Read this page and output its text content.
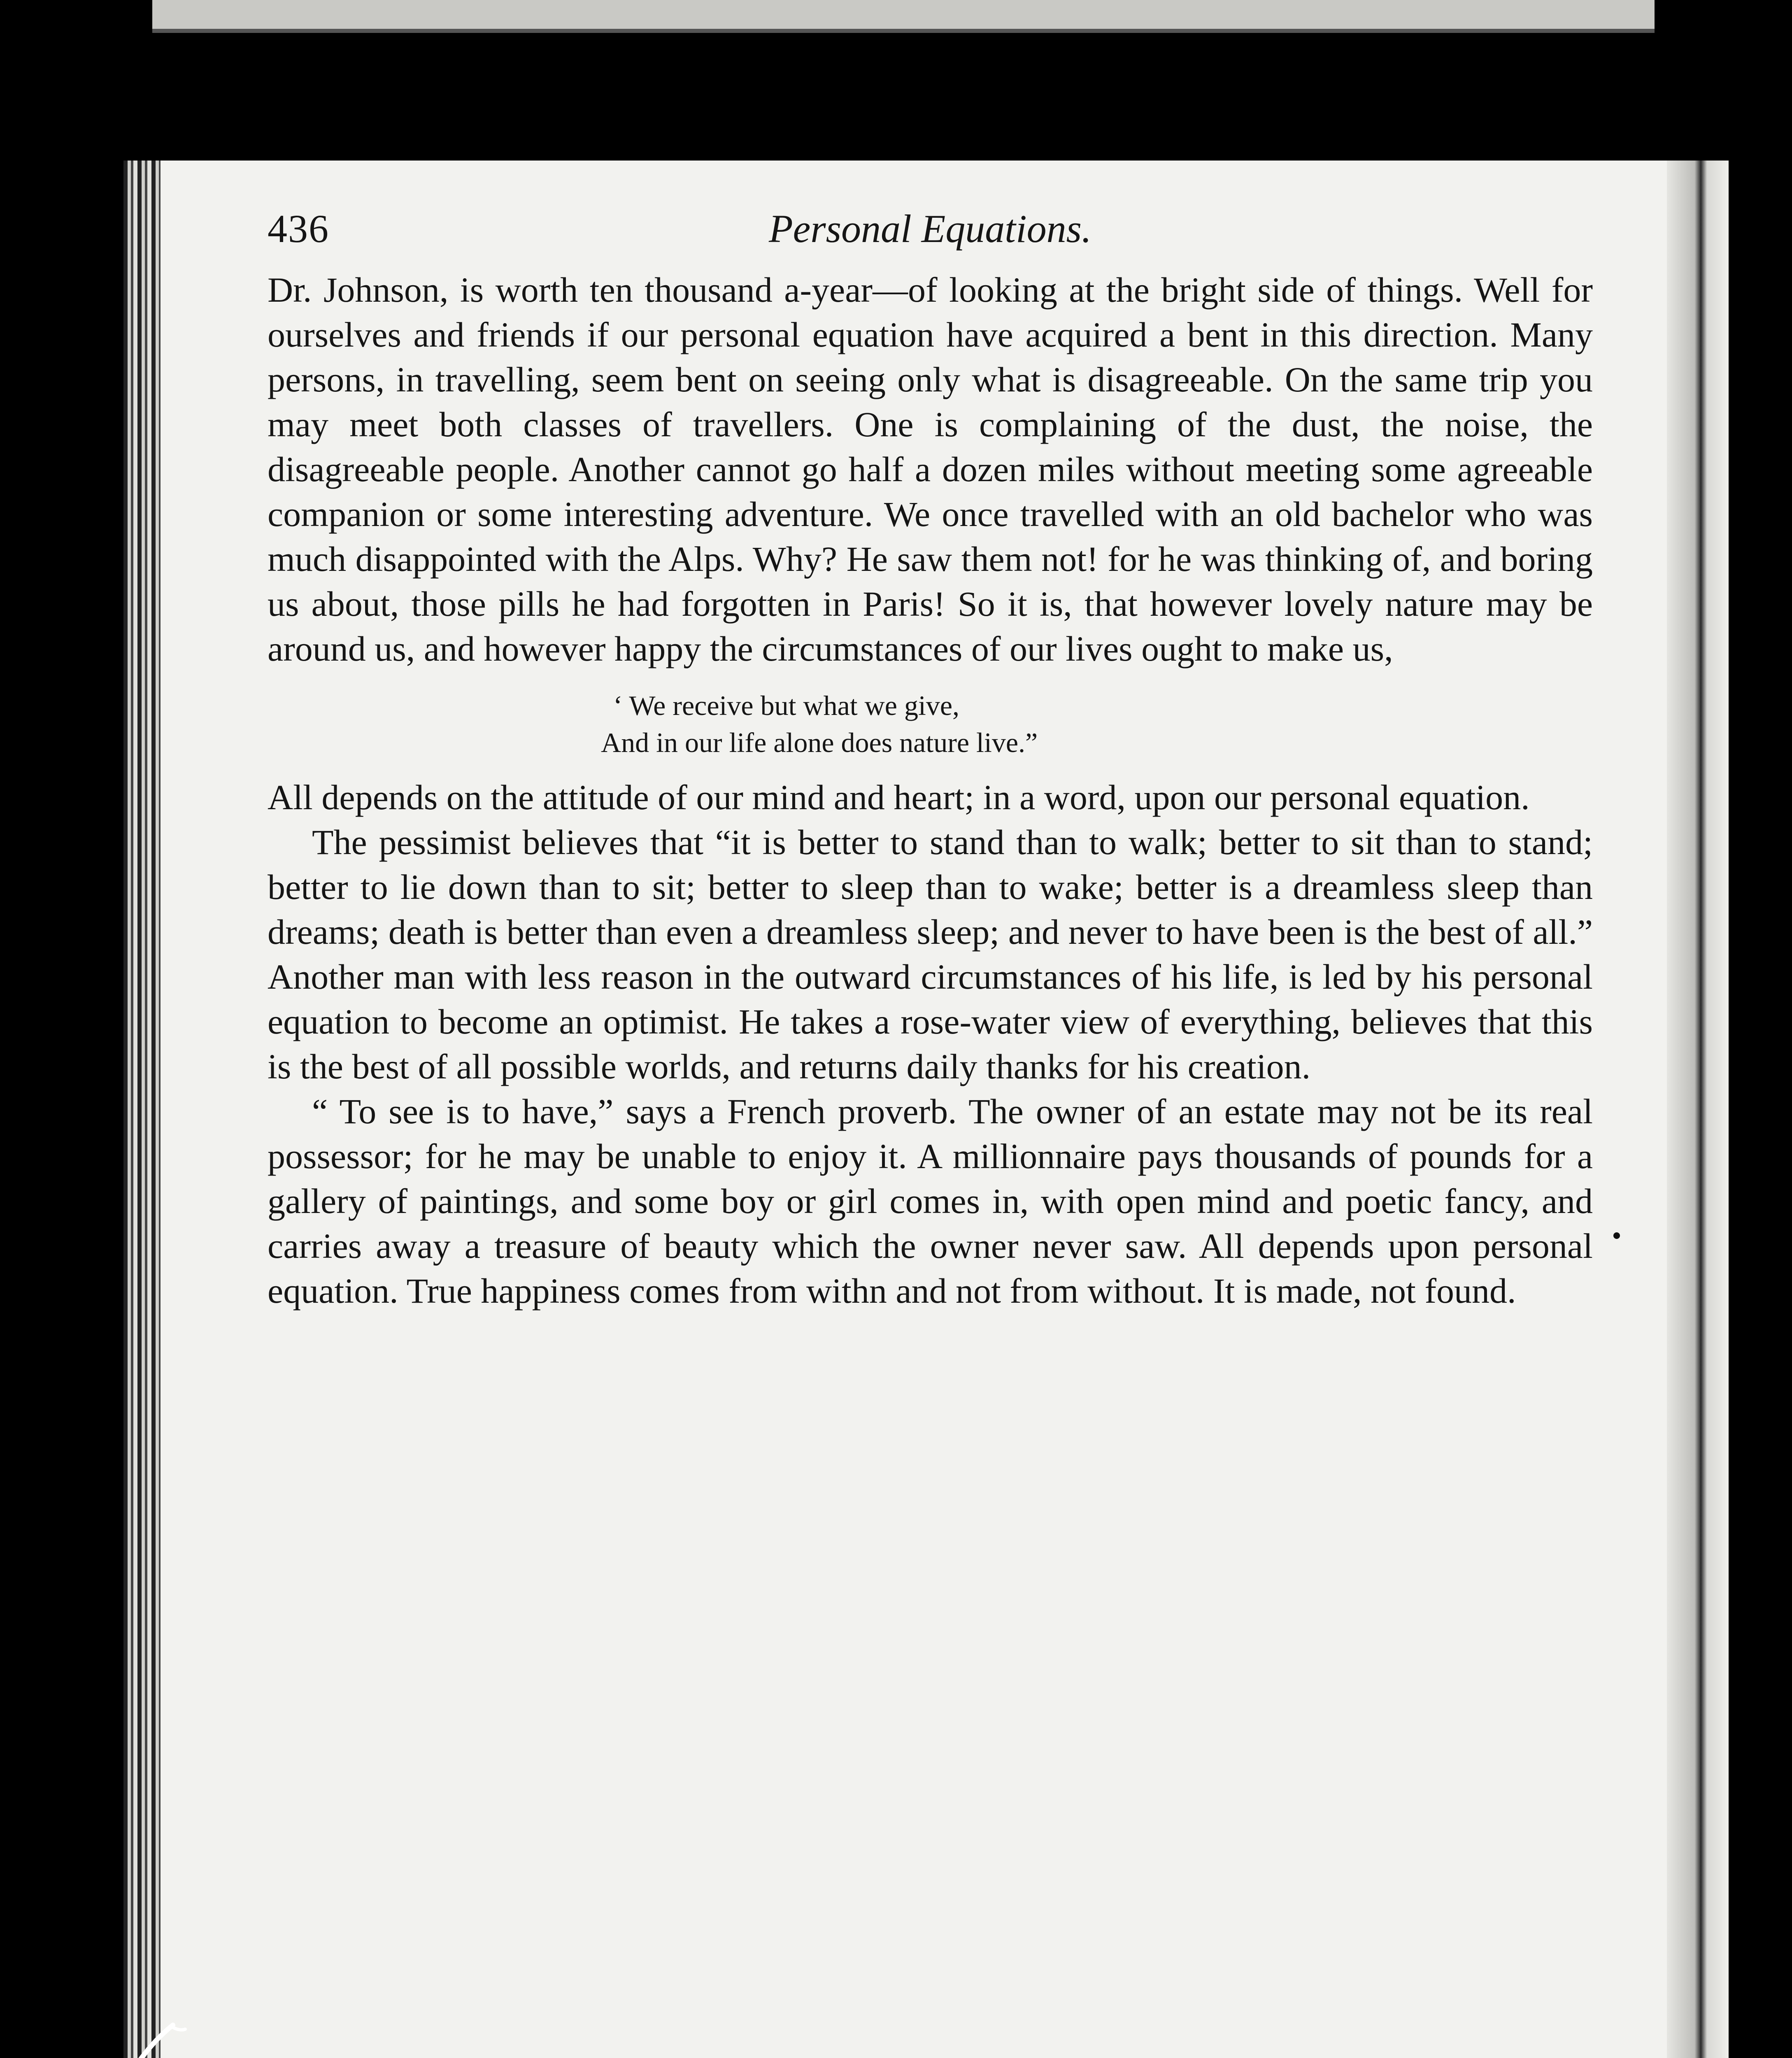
436	Personal Equations.

Dr. Johnson, is worth ten thousand a-year—of looking at the bright side of things. Well for ourselves and friends if our personal equation have acquired a bent in this direction. Many persons, in travelling, seem bent on seeing only what is disagreeable. On the same trip you may meet both classes of travellers. One is complaining of the dust, the noise, the disagreeable people. Another cannot go half a dozen miles without meeting some agreeable companion or some interesting adventure. We once travelled with an old bachelor who was much disappointed with the Alps. Why? He saw them not! for he was thinking of, and boring us about, those pills he had forgotten in Paris! So it is, that however lovely nature may be around us, and however happy the circumstances of our lives ought to make us,

‘ We receive but what we give,
And in our life alone does nature live.”

All depends on the attitude of our mind and heart; in a word, upon our personal equation.

The pessimist believes that “it is better to stand than to walk; better to sit than to stand; better to lie down than to sit; better to sleep than to wake; better is a dreamless sleep than dreams; death is better than even a dreamless sleep; and never to have been is the best of all.” Another man with less reason in the outward circumstances of his life, is led by his personal equation to become an optimist. He takes a rose-water view of everything, believes that this is the best of all possible worlds, and returns daily thanks for his creation.

“ To see is to have,” says a French proverb. The owner of an estate may not be its real possessor; for he may be unable to enjoy it. A millionnaire pays thousands of pounds for a gallery of paintings, and some boy or girl comes in, with open mind and poetic fancy, and carries away a treasure of beauty which the owner never saw. All depends upon personal equation. True happiness comes from withn and not from without. It is made, not found.
